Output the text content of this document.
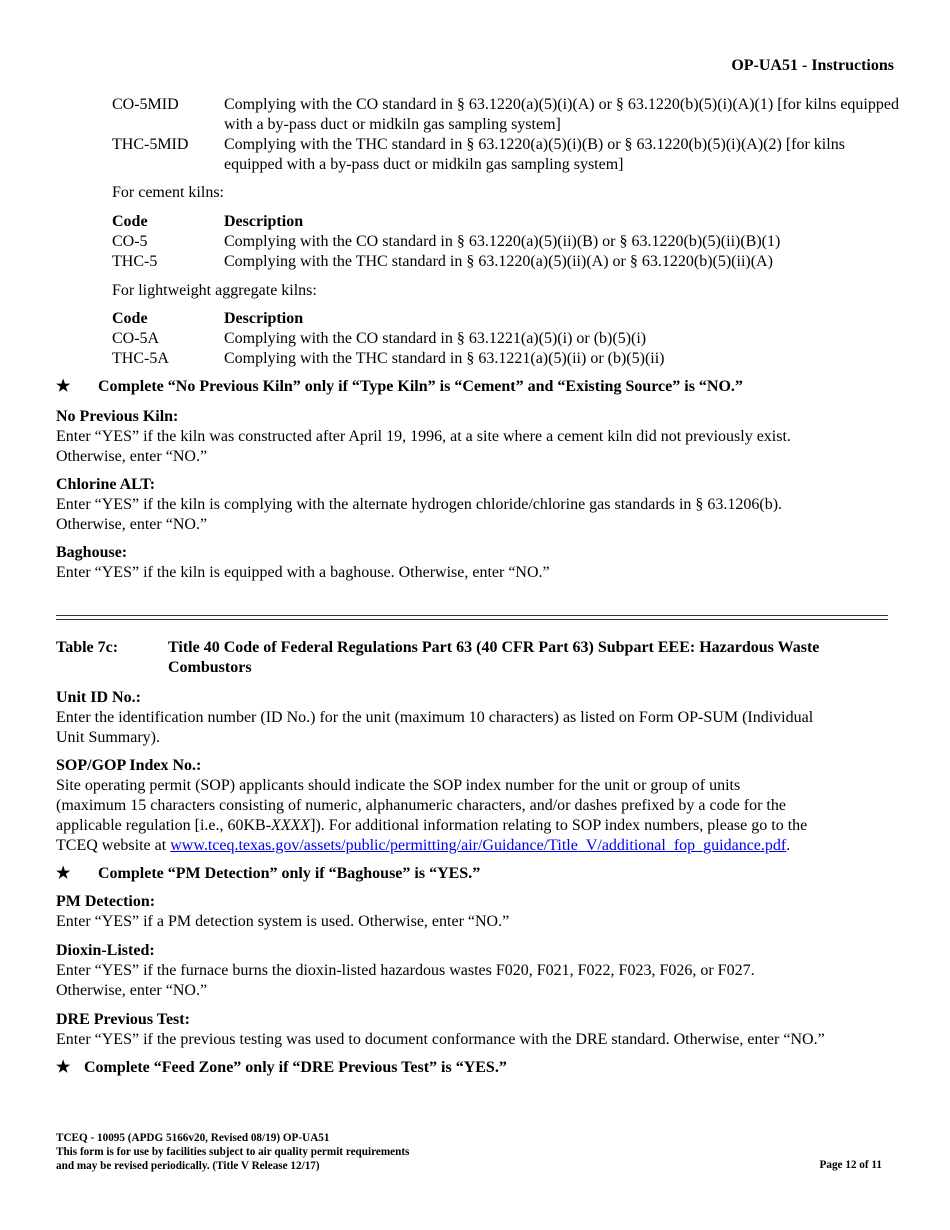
OP-UA51 - Instructions
CO-5MID	Complying with the CO standard in § 63.1220(a)(5)(i)(A) or § 63.1220(b)(5)(i)(A)(1) [for kilns equipped with a by-pass duct or midkiln gas sampling system]
THC-5MID Complying with the THC standard in § 63.1220(a)(5)(i)(B) or § 63.1220(b)(5)(i)(A)(2) [for kilns equipped with a by-pass duct or midkiln gas sampling system]
For cement kilns:
Code	Description
CO-5	Complying with the CO standard in § 63.1220(a)(5)(ii)(B) or § 63.1220(b)(5)(ii)(B)(1)
THC-5	Complying with the THC standard in § 63.1220(a)(5)(ii)(A) or § 63.1220(b)(5)(ii)(A)
For lightweight aggregate kilns:
Code	Description
CO-5A	Complying with the CO standard in § 63.1221(a)(5)(i) or (b)(5)(i)
THC-5A	Complying with the THC standard in § 63.1221(a)(5)(ii) or (b)(5)(ii)
★ Complete “No Previous Kiln” only if “Type Kiln” is “Cement” and “Existing Source” is “NO.”
No Previous Kiln:
Enter “YES” if the kiln was constructed after April 19, 1996, at a site where a cement kiln did not previously exist.
Otherwise, enter “NO.”
Chlorine ALT:
Enter “YES” if the kiln is complying with the alternate hydrogen chloride/chlorine gas standards in § 63.1206(b).
Otherwise, enter “NO.”
Baghouse:
Enter “YES” if the kiln is equipped with a baghouse. Otherwise, enter “NO.”
Table 7c:	Title 40 Code of Federal Regulations Part 63 (40 CFR Part 63) Subpart EEE: Hazardous Waste Combustors
Unit ID No.:
Enter the identification number (ID No.) for the unit (maximum 10 characters) as listed on Form OP-SUM (Individual
Unit Summary).
SOP/GOP Index No.:
Site operating permit (SOP) applicants should indicate the SOP index number for the unit or group of units
(maximum 15 characters consisting of numeric, alphanumeric characters, and/or dashes prefixed by a code for the
applicable regulation [i.e., 60KB-XXXX]). For additional information relating to SOP index numbers, please go to the
TCEQ website at www.tceq.texas.gov/assets/public/permitting/air/Guidance/Title_V/additional_fop_guidance.pdf.
★ Complete “PM Detection” only if “Baghouse” is “YES.”
PM Detection:
Enter “YES” if a PM detection system is used. Otherwise, enter “NO.”
Dioxin-Listed:
Enter “YES” if the furnace burns the dioxin-listed hazardous wastes F020, F021, F022, F023, F026, or F027.
Otherwise, enter “NO.”
DRE Previous Test:
Enter “YES” if the previous testing was used to document conformance with the DRE standard. Otherwise, enter “NO.”
★ Complete “Feed Zone” only if “DRE Previous Test” is “YES.”
TCEQ - 10095 (APDG 5166v20, Revised 08/19) OP-UA51
This form is for use by facilities subject to air quality permit requirements
and may be revised periodically. (Title V Release 12/17)	Page 12 of 11
